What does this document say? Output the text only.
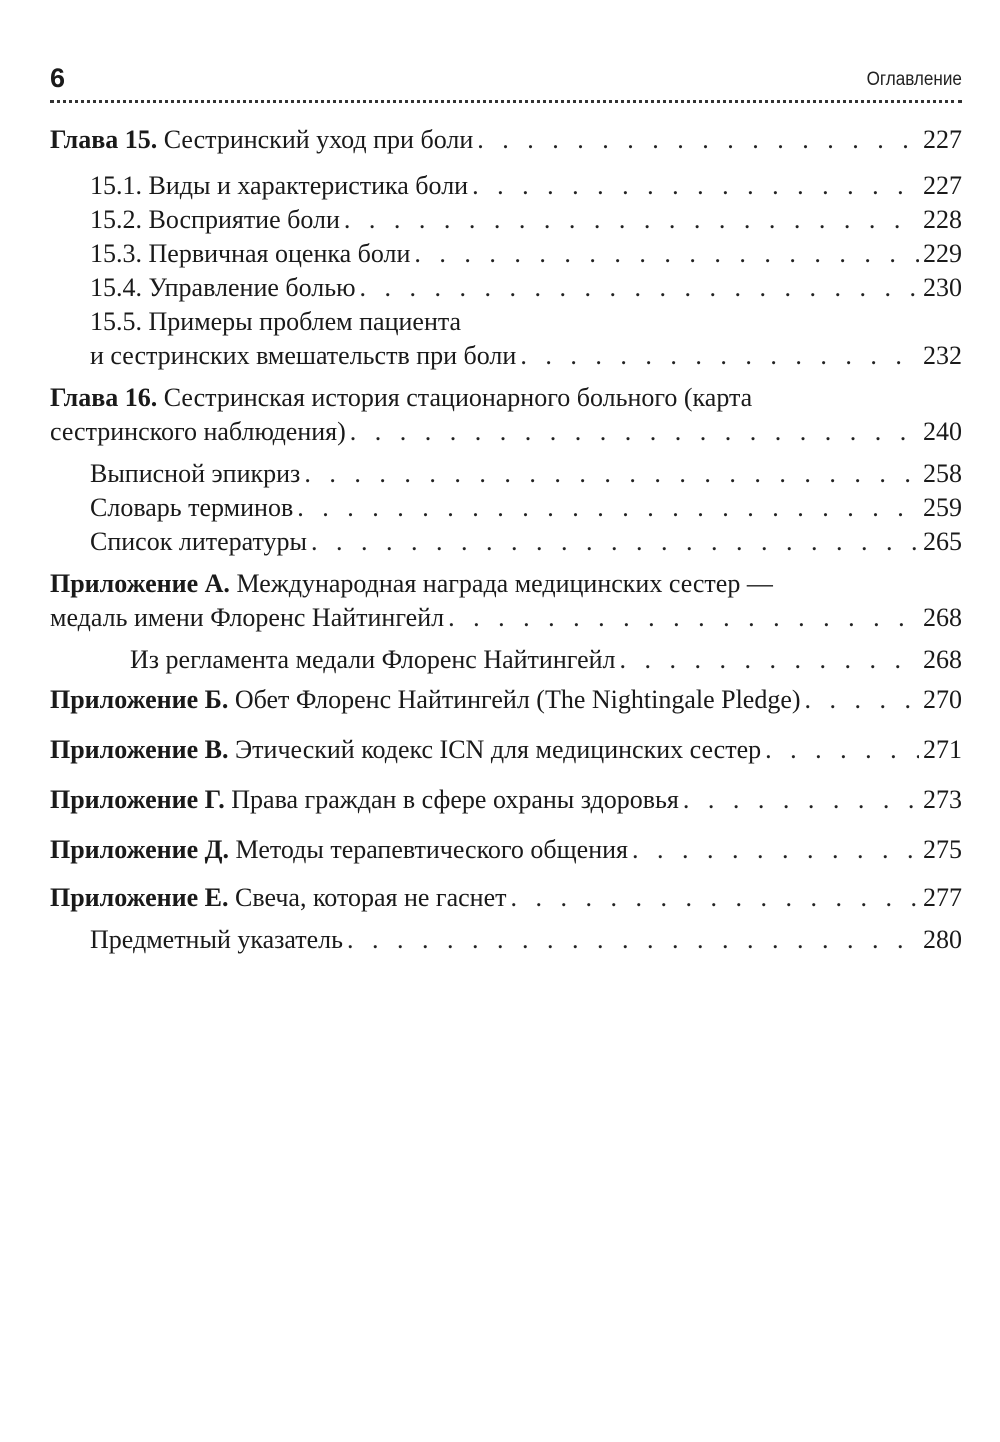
6	Оглавление
Глава 15. Сестринский уход при боли . . .	227
15.1. Виды и характеристика боли . . .	227
15.2. Восприятие боли . . .	228
15.3. Первичная оценка боли . . .	229
15.4. Управление болью . . .	230
15.5. Примеры проблем пациента
и сестринских вмешательств при боли . . .	232
Глава 16. Сестринская история стационарного больного (карта
сестринского наблюдения) . . .	240
Выписной эпикриз . . .	258
Словарь терминов . . .	259
Список литературы . . .	265
Приложение А. Международная награда медицинских сестер —
медаль имени Флоренс Найтингейл . . .	268
Из регламента медали Флоренс Найтингейл . . .	268
Приложение Б. Обет Флоренс Найтингейл (The Nightingale Pledge) . . .	270
Приложение В. Этический кодекс ICN для медицинских сестер . . .	271
Приложение Г. Права граждан в сфере охраны здоровья . . .	273
Приложение Д. Методы терапевтического общения . . .	275
Приложение Е. Свеча, которая не гаснет . . .	277
Предметный указатель . . .	280
